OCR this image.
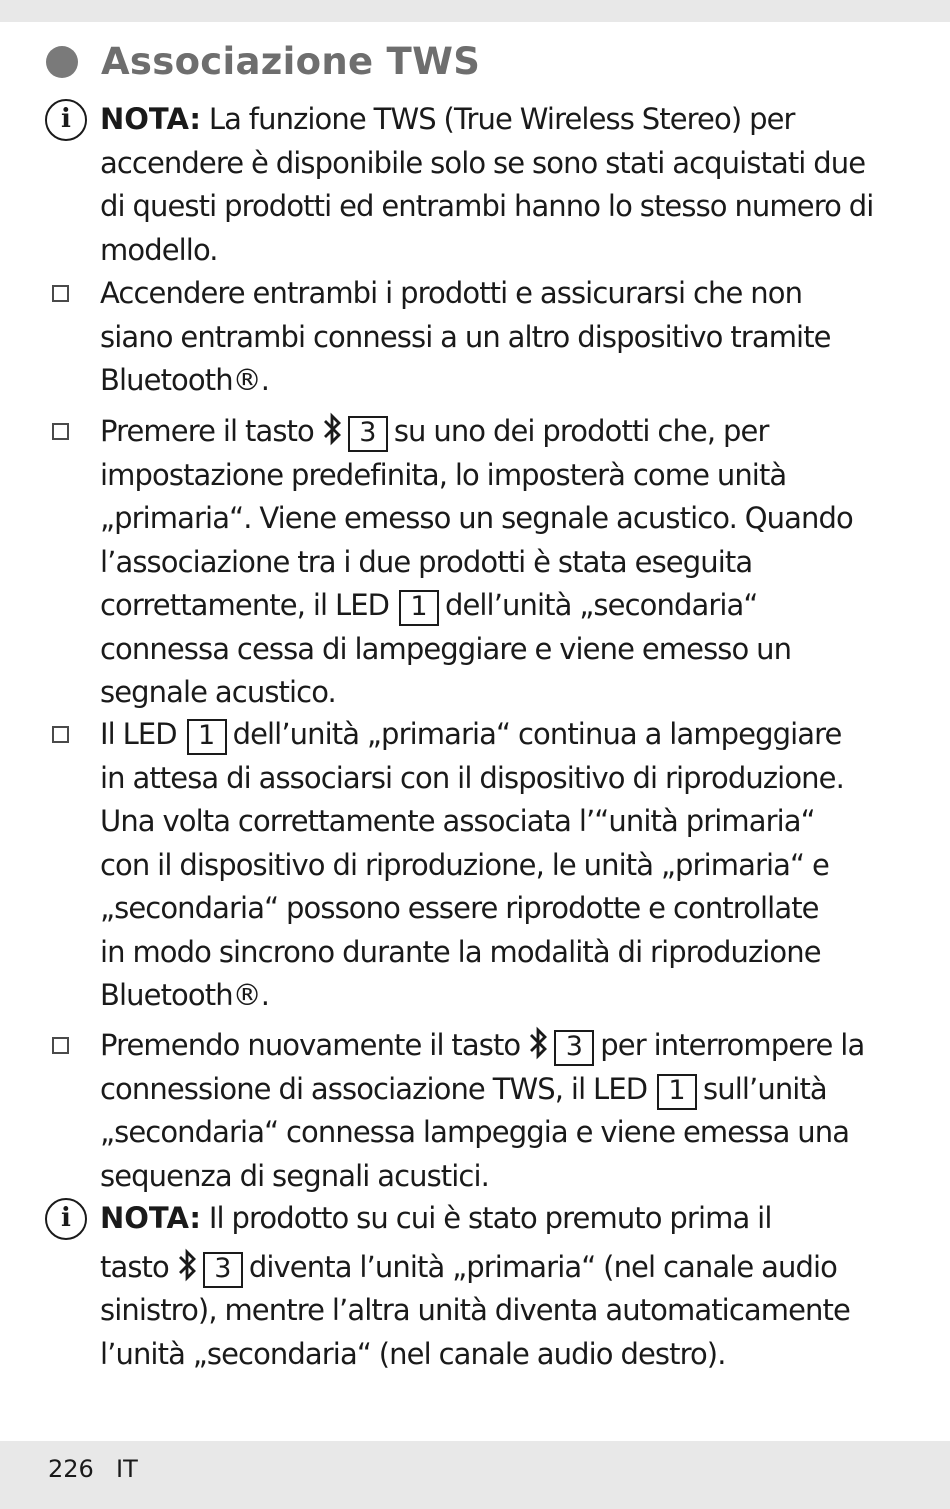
Associazione TWS
i	NOTA: La funzione TWS (True Wireless Stereo) per
accendere è disponibile solo se sono stati acquistati due
di questi prodotti ed entrambi hanno lo stesso numero di
modello.
Accendere entrambi i prodotti e assicurarsi che non
siano entrambi connessi a un altro dispositivo tramite
Bluetooth®.
Premere il tasto 3 su uno dei prodotti che, per
impostazione predefinita, lo imposterà come unità
„primaria“. Viene emesso un segnale acustico. Quando
l’associazione tra i due prodotti è stata eseguita
correttamente, il LED 1 dell’unità „secondaria“
connessa cessa di lampeggiare e viene emesso un
segnale acustico.
Il LED 1 dell’unità „primaria“ continua a lampeggiare
in attesa di associarsi con il dispositivo di riproduzione.
Una volta correttamente associata l’“unità primaria“
con il dispositivo di riproduzione, le unità „primaria“ e
„secondaria“ possono essere riprodotte e controllate
in modo sincrono durante la modalità di riproduzione
Bluetooth®.
Premendo nuovamente il tasto 3 per interrompere la
connessione di associazione TWS, il LED 1 sull’unità
„secondaria“ connessa lampeggia e viene emessa una
sequenza di segnali acustici.
i	NOTA: Il prodotto su cui è stato premuto prima il
tasto 3 diventa l’unità „primaria“ (nel canale audio
sinistro), mentre l’altra unità diventa automaticamente
l’unità „secondaria“ (nel canale audio destro).
226 IT
